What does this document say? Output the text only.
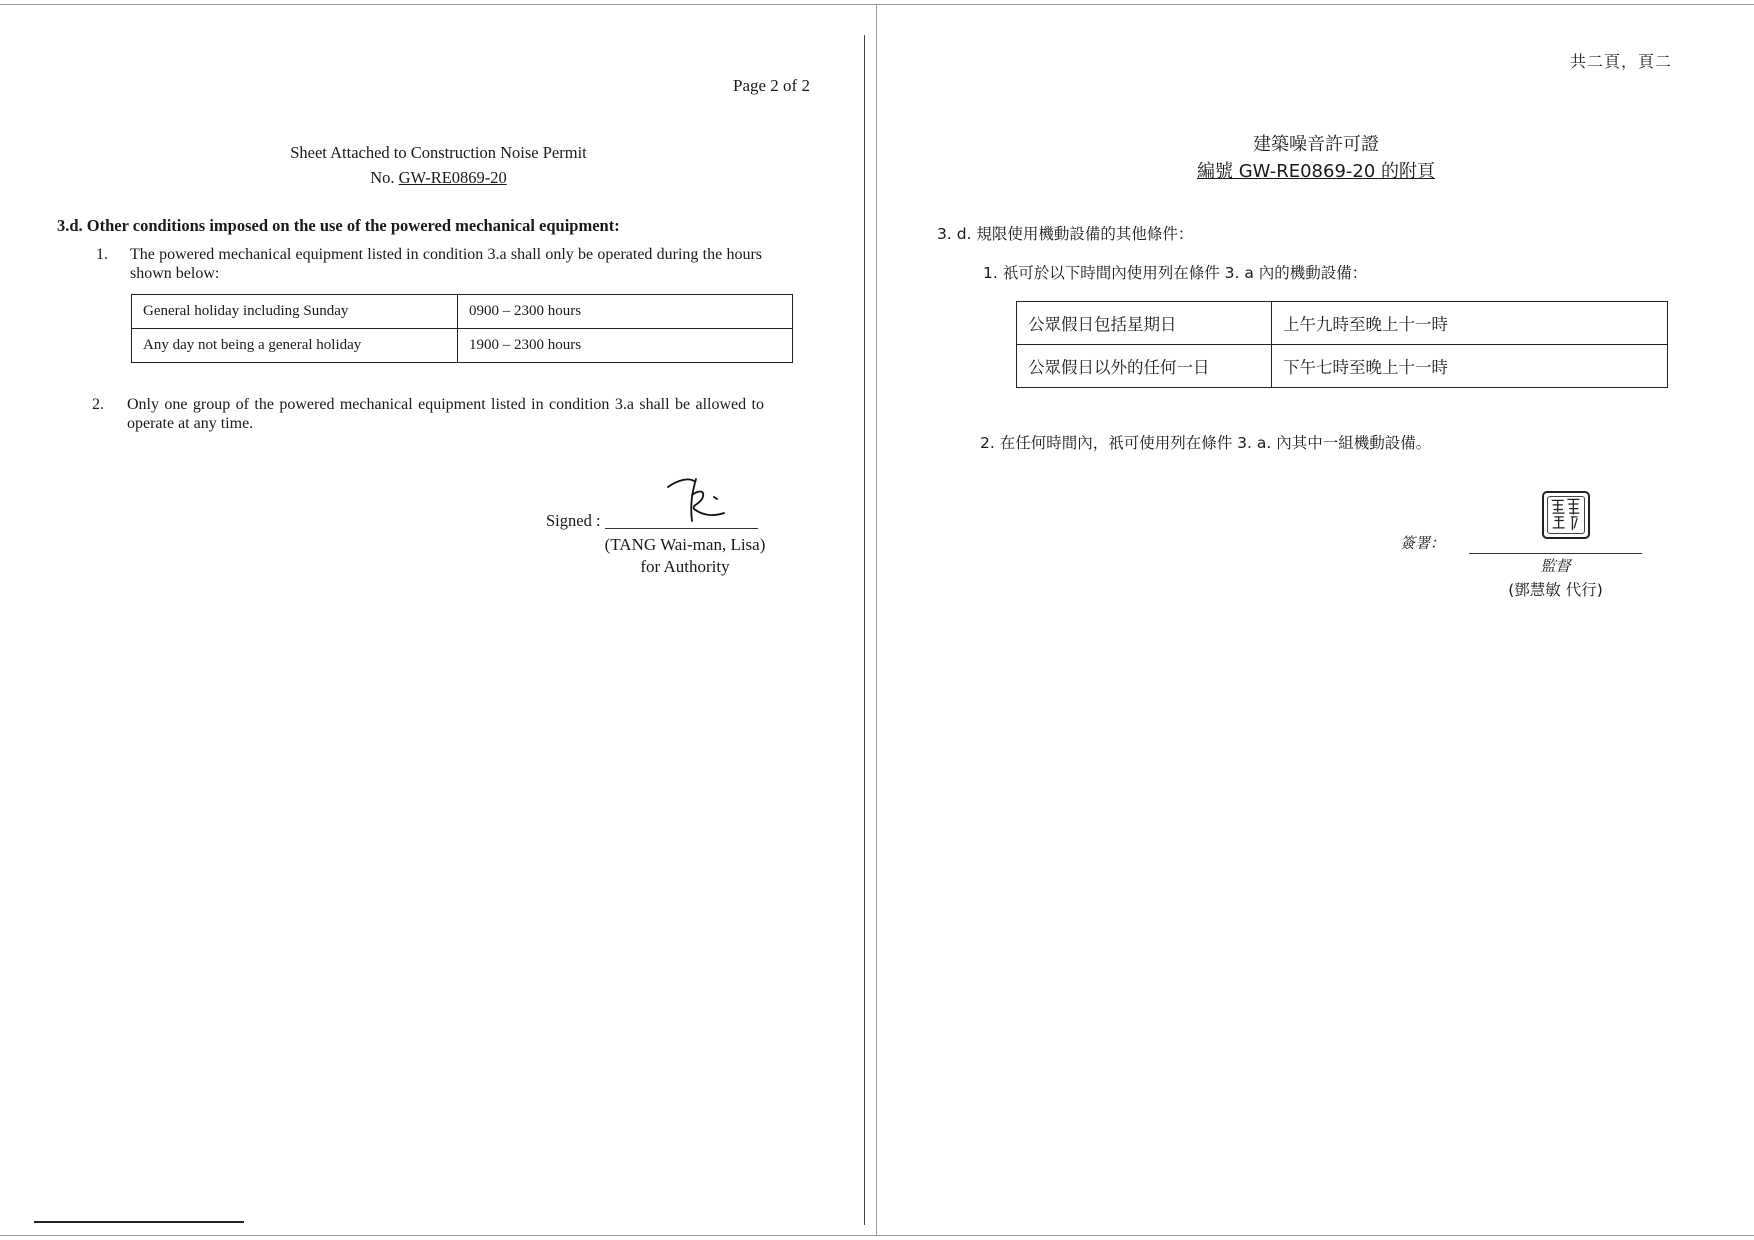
Page 2 of 2
Sheet Attached to Construction Noise Permit
No. GW-RE0869-20
3.d. Other conditions imposed on the use of the powered mechanical equipment:
1. The powered mechanical equipment listed in condition 3.a shall only be operated during the hours shown below:
General holiday including Sunday	0900 – 2300 hours
Any day not being a general holiday	1900 – 2300 hours
2. Only one group of the powered mechanical equipment listed in condition 3.a shall be allowed to operate at any time.
Signed :
(TANG Wai-man, Lisa)
for Authority
共二頁，頁二
建築噪音許可證
編號 GW-RE0869-20 的附頁
3. d. 規限使用機動設備的其他條件：
1. 祇可於以下時間內使用列在條件 3. a 內的機動設備：
公眾假日包括星期日	上午九時至晚上十一時
公眾假日以外的任何一日	下午七時至晚上十一時
2. 在任何時間內，祇可使用列在條件 3. a. 內其中一組機動設備。
簽署：
監督
(鄧慧敏 代行)
